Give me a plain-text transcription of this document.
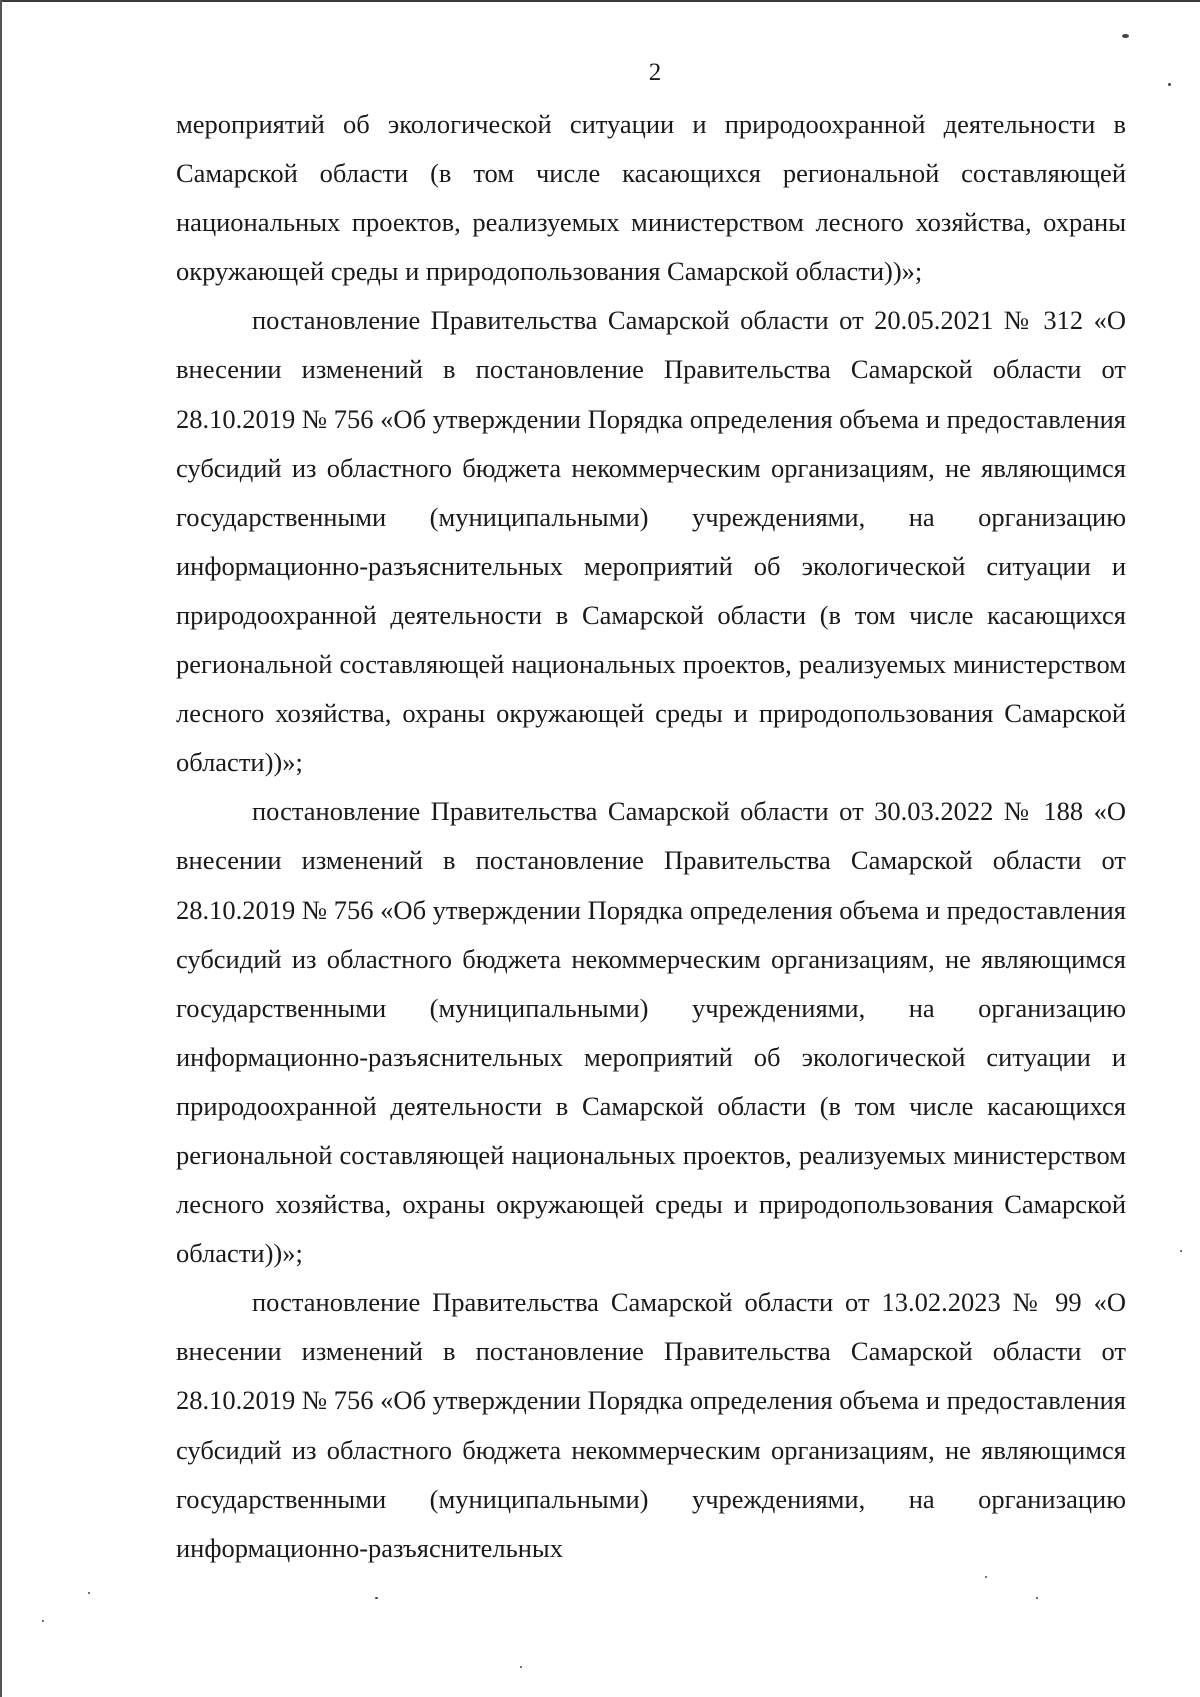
2

мероприятий об экологической ситуации и природоохранной деятельности в Самарской области (в том числе касающихся региональной составляющей национальных проектов, реализуемых министерством лесного хозяйства, охраны окружающей среды и природопользования Самарской области))»;

постановление Правительства Самарской области от 20.05.2021 № 312 «О внесении изменений в постановление Правительства Самарской области от 28.10.2019 № 756 «Об утверждении Порядка определения объема и предоставления субсидий из областного бюджета некоммерческим организациям, не являющимся государственными (муниципальными) учреждениями, на организацию информационно-разъяснительных мероприятий об экологической ситуации и природоохранной деятельности в Самарской области (в том числе касающихся региональной составляющей национальных проектов, реализуемых министерством лесного хозяйства, охраны окружающей среды и природопользования Самарской области))»;

постановление Правительства Самарской области от 30.03.2022 № 188 «О внесении изменений в постановление Правительства Самарской области от 28.10.2019 № 756 «Об утверждении Порядка определения объема и предоставления субсидий из областного бюджета некоммерческим организациям, не являющимся государственными (муниципальными) учреждениями, на организацию информационно-разъяснительных мероприятий об экологической ситуации и природоохранной деятельности в Самарской области (в том числе касающихся региональной составляющей национальных проектов, реализуемых министерством лесного хозяйства, охраны окружающей среды и природопользования Самарской области))»;

постановление Правительства Самарской области от 13.02.2023 № 99 «О внесении изменений в постановление Правительства Самарской области от 28.10.2019 № 756 «Об утверждении Порядка определения объема и предоставления субсидий из областного бюджета некоммерческим организациям, не являющимся государственными (муниципальными) учреждениями, на организацию информационно-разъяснительных
